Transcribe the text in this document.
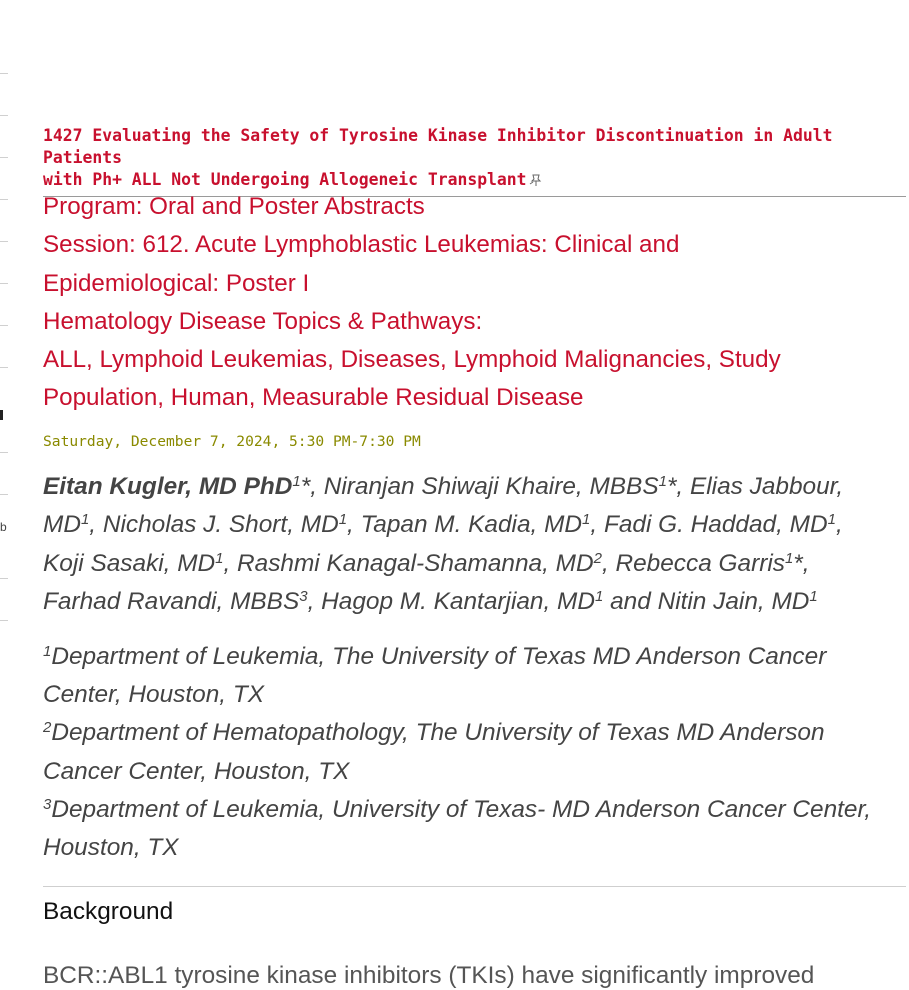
b
1427 Evaluating the Safety of Tyrosine Kinase Inhibitor Discontinuation in Adult Patients
with Ph+ ALL Not Undergoing Allogeneic Transplant
Program: Oral and Poster Abstracts
Session: 612. Acute Lymphoblastic Leukemias: Clinical and
Epidemiological: Poster I
Hematology Disease Topics & Pathways:
ALL, Lymphoid Leukemias, Diseases, Lymphoid Malignancies, Study
Population, Human, Measurable Residual Disease
Saturday, December 7, 2024, 5:30 PM-7:30 PM
Eitan Kugler, MD PhD$^1$*, Niranjan Shiwaji Khaire, MBBS$^1$*, Elias Jabbour,
$MD^1$, Nicholas J. Short, $MD^1$, Tapan M. Kadia, $MD^1$, Fadi G. Haddad, $MD^1$,
Koji Sasaki, $MD^1$, Rashmi Kanagal-Shamanna, $MD^2$, Rebecca Garris$^1$*,
Farhad Ravandi, MBBS$^3$, Hagop M. Kantarjian, $MD^1$ and Nitin Jain, $MD^1$
$^1$Department of Leukemia, The University of Texas MD Anderson Cancer
Center, Houston, TX
$^2$Department of Hematopathology, The University of Texas MD Anderson
Cancer Center, Houston, TX
$^3$Department of Leukemia, University of Texas- MD Anderson Cancer Center,
Houston, TX
Background
BCR::ABL1 tyrosine kinase inhibitors (TKIs) have significantly improved
